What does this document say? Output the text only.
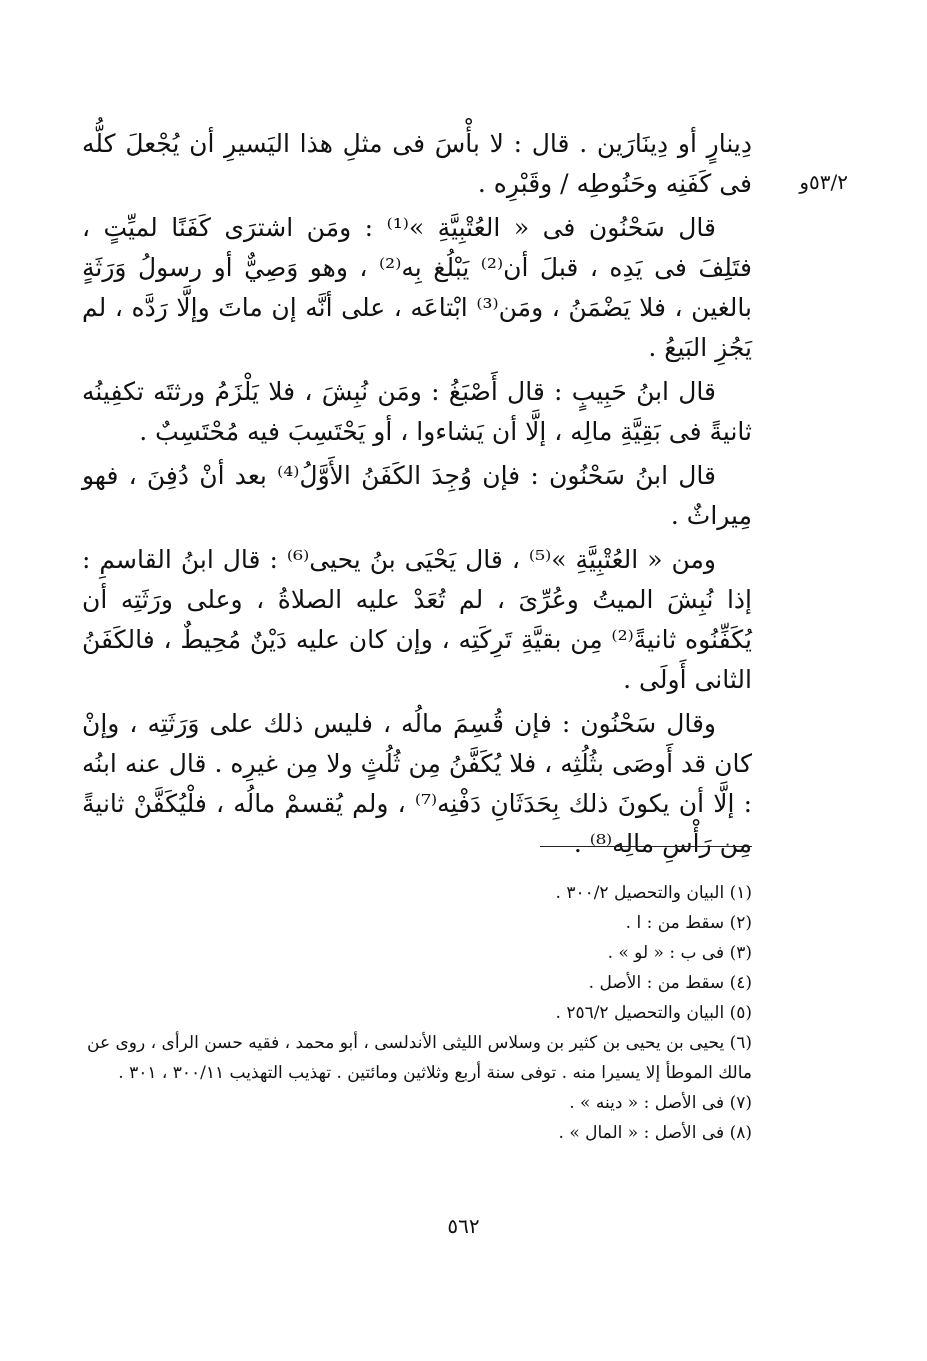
٥٣/٢و

دِينارٍ أو دِينَارَين . قال : لا بأْسَ فى مثلِ هذا اليَسيرِ أن يُجْعلَ كلُّه فى كَفَنِه وحَنُوطِه / وقَبْرِه .

قال سَحْنُون فى « العُتْبِيَّةِ »⁽¹⁾ : ومَن اشترَى كَفَنًا لميِّتٍ ، فتَلِفَ فى يَدِه ، قبلَ أن⁽²⁾ يَبْلُغ بِه⁽²⁾ ، وهو وَصِيٌّ أو رسولُ وَرَثَةٍ بالغين ، فلا يَضْمَنُ ، ومَن⁽³⁾ ابْتاعَه ، على أنَّه إن ماتَ وإلَّا رَدَّه ، لم يَجُزِ البَيعُ .

قال ابنُ حَبِيبٍ : قال أَصْبَغُ : ومَن نُبِشَ ، فلا يَلْزَمُ ورثتَه تكفِينُه ثانيةً فى بَقِيَّةِ مالِه ، إلَّا أن يَشاءوا ، أو يَحْتَسِبَ فيه مُحْتَسِبٌ .

قال ابنُ سَحْنُون : فإن وُجِدَ الكَفَنُ الأَوَّلُ⁽⁴⁾ بعد أنْ دُفِنَ ، فهو مِيراثٌ .

ومن « العُتْبِيَّةِ »⁽⁵⁾ ، قال يَحْيَى بنُ يحيى⁽⁶⁾ : قال ابنُ القاسمِ : إذا نُبِشَ الميتُ وعُرِّىَ ، لم تُعَدْ عليه الصلاةُ ، وعلى ورَثَتِه أن يُكَفِّنُوه ثانيةً⁽²⁾ مِن بقيَّةِ تَرِكَتِه ، وإن كان عليه دَيْنٌ مُحِيطٌ ، فالكَفَنُ الثانى أَولَى .

وقال سَحْنُون : فإن قُسِمَ مالُه ، فليس ذلك على وَرَثَتِه ، وإنْ كان قد أَوصَى بثُلُثِه ، فلا يُكَفَّنُ مِن ثُلُثٍ ولا مِن غيرِه . قال عنه ابنُه : إلَّا أن يكونَ ذلك بِحَدَثَانِ دَفْنِه⁽⁷⁾ ، ولم يُقسمْ مالُه ، فلْيُكَفَّنْ ثانيةً مِن رَأْسِ مالِه⁽⁸⁾ .

(١) البيان والتحصيل ٣٠٠/٢ .

(٢) سقط من : ا .

(٣) فى ب : « لو » .

(٤) سقط من : الأصل .

(٥) البيان والتحصيل ٢٥٦/٢ .

(٦) يحيى بن يحيى بن كثير بن وسلاس الليثى الأندلسى ، أبو محمد ، فقيه حسن الرأى ، روى عن مالك الموطأ إلا يسيرا منه . توفى سنة أربع وثلاثين ومائتين . تهذيب التهذيب ٣٠٠/١١ ، ٣٠١ .

(٧) فى الأصل : « دينه » .

(٨) فى الأصل : « المال » .

٥٦٢
